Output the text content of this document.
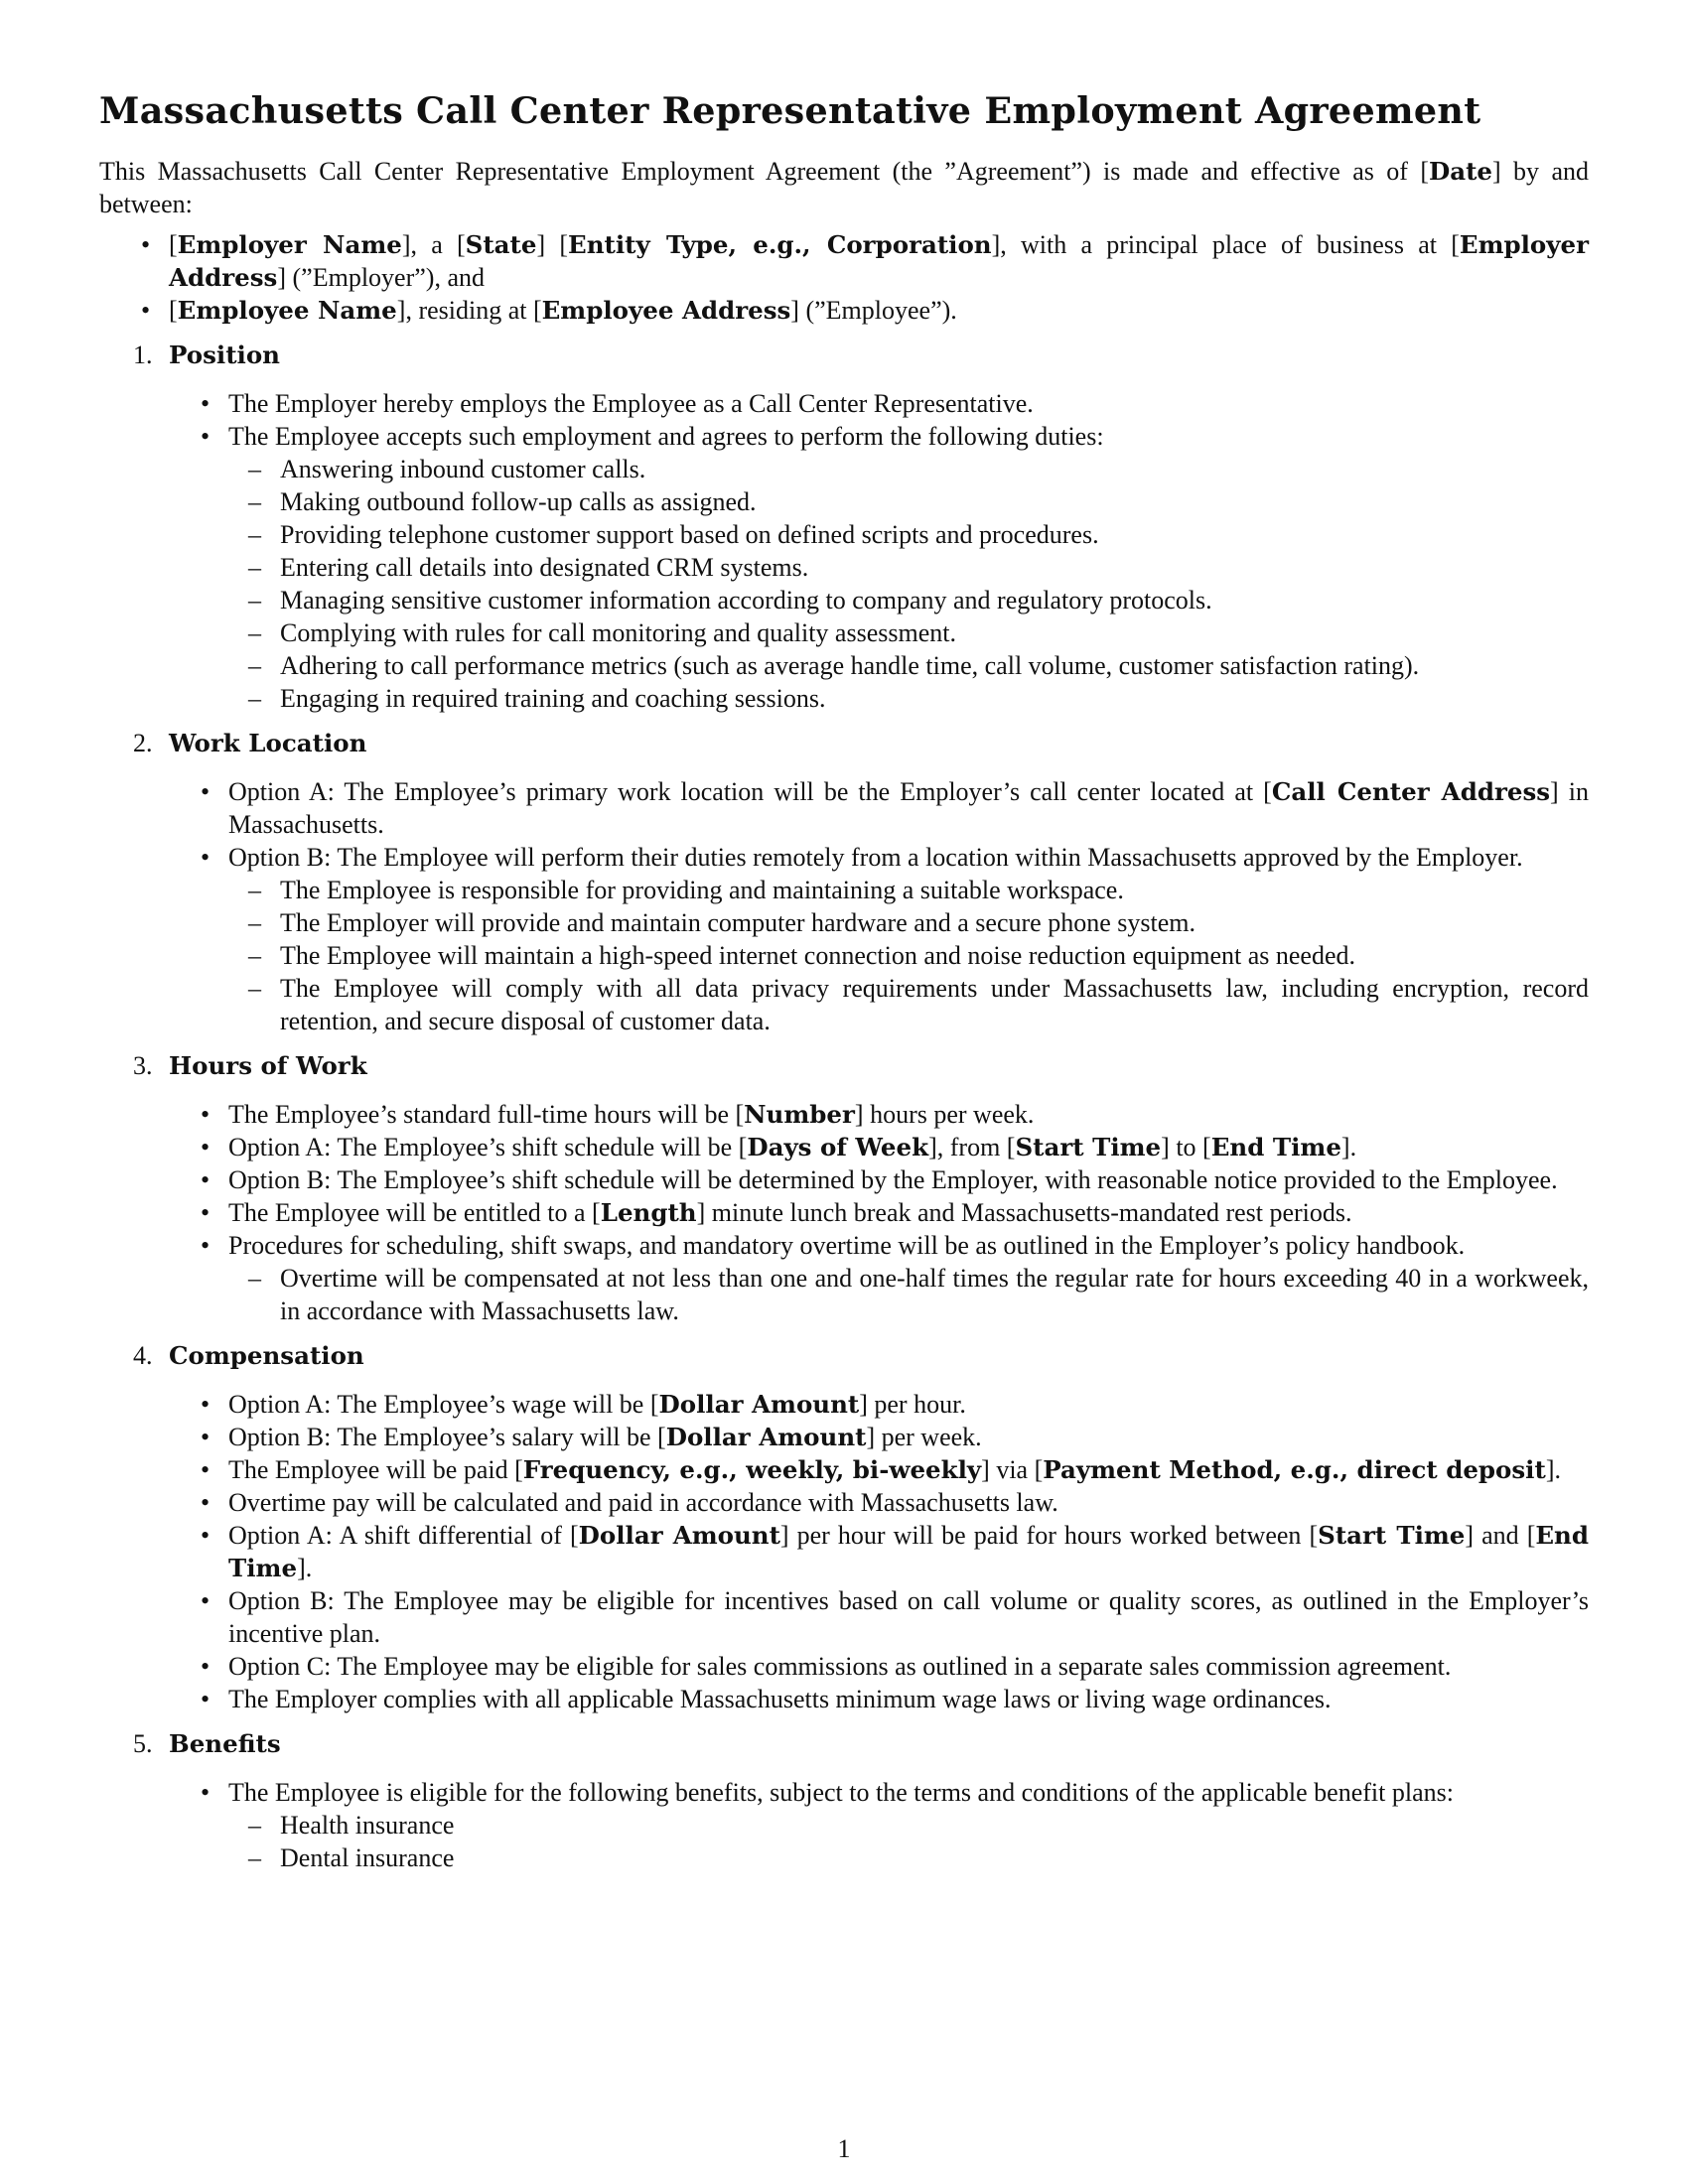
Massachusetts Call Center Representative Employment Agreement

This Massachusetts Call Center Representative Employment Agreement (the ”Agreement”) is made and effective as of [Date] by and between:

• [Employer Name], a [State] [Entity Type, e.g., Corporation], with a principal place of business at [Employer Address] (”Employer”), and
• [Employee Name], residing at [Employee Address] (”Employee”).
1. Position
• The Employer hereby employs the Employee as a Call Center Representative.
• The Employee accepts such employment and agrees to perform the following duties:
– Answering inbound customer calls.
– Making outbound follow-up calls as assigned.
– Providing telephone customer support based on defined scripts and procedures.
– Entering call details into designated CRM systems.
– Managing sensitive customer information according to company and regulatory protocols.
– Complying with rules for call monitoring and quality assessment.
– Adhering to call performance metrics (such as average handle time, call volume, customer satisfaction rating).
– Engaging in required training and coaching sessions.
2. Work Location
• Option A: The Employee’s primary work location will be the Employer’s call center located at [Call Center Address] in Massachusetts.
• Option B: The Employee will perform their duties remotely from a location within Massachusetts approved by the Employer.
– The Employee is responsible for providing and maintaining a suitable workspace.
– The Employer will provide and maintain computer hardware and a secure phone system.
– The Employee will maintain a high-speed internet connection and noise reduction equipment as needed.
– The Employee will comply with all data privacy requirements under Massachusetts law, including encryption, record retention, and secure disposal of customer data.
3. Hours of Work
• The Employee’s standard full-time hours will be [Number] hours per week.
• Option A: The Employee’s shift schedule will be [Days of Week], from [Start Time] to [End Time].
• Option B: The Employee’s shift schedule will be determined by the Employer, with reasonable notice provided to the Employee.
• The Employee will be entitled to a [Length] minute lunch break and Massachusetts-mandated rest periods.
• Procedures for scheduling, shift swaps, and mandatory overtime will be as outlined in the Employer’s policy handbook.
– Overtime will be compensated at not less than one and one-half times the regular rate for hours exceeding 40 in a workweek, in accordance with Massachusetts law.
4. Compensation
• Option A: The Employee’s wage will be [Dollar Amount] per hour.
• Option B: The Employee’s salary will be [Dollar Amount] per week.
• The Employee will be paid [Frequency, e.g., weekly, bi-weekly] via [Payment Method, e.g., direct deposit].
• Overtime pay will be calculated and paid in accordance with Massachusetts law.
• Option A: A shift differential of [Dollar Amount] per hour will be paid for hours worked between [Start Time] and [End Time].
• Option B: The Employee may be eligible for incentives based on call volume or quality scores, as outlined in the Employer’s incentive plan.
• Option C: The Employee may be eligible for sales commissions as outlined in a separate sales commission agreement.
• The Employer complies with all applicable Massachusetts minimum wage laws or living wage ordinances.
5. Benefits
• The Employee is eligible for the following benefits, subject to the terms and conditions of the applicable benefit plans:
– Health insurance
– Dental insurance
1
